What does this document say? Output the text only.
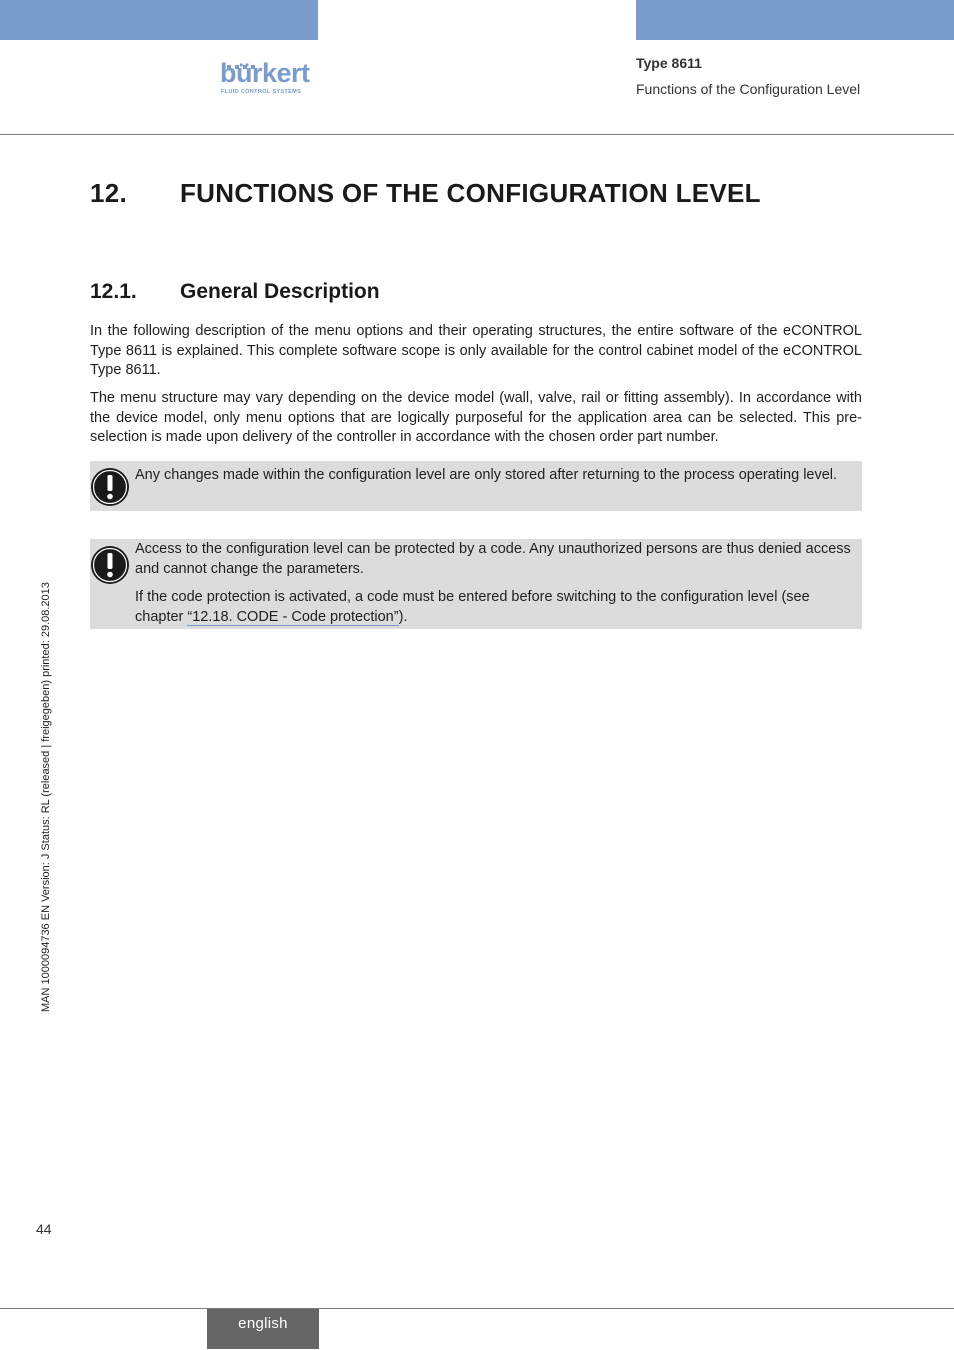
bürkert
FLUID CONTROL SYSTEMS
Type 8611
Functions of the Configuration Level
12. FUNCTIONS OF THE CONFIGURATION LEVEL
12.1. General Description
In the following description of the menu options and their operating structures, the entire software of the eCONTROL Type 8611 is explained. This complete software scope is only available for the control cabinet model of the eCONTROL Type 8611.
The menu structure may vary depending on the device model (wall, valve, rail or fitting assembly). In accordance with the device model, only menu options that are logically purposeful for the application area can be selected. This pre-selection is made upon delivery of the controller in accordance with the chosen order part number.
Any changes made within the configuration level are only stored after returning to the process operating level.
Access to the configuration level can be protected by a code. Any unauthorized persons are thus denied access and cannot change the parameters.
If the code protection is activated, a code must be entered before switching to the configuration level (see chapter “12.18. CODE - Code protection”).
MAN 1000094736 EN Version: J Status: RL (released | freigegeben) printed: 29.08.2013
44
english
